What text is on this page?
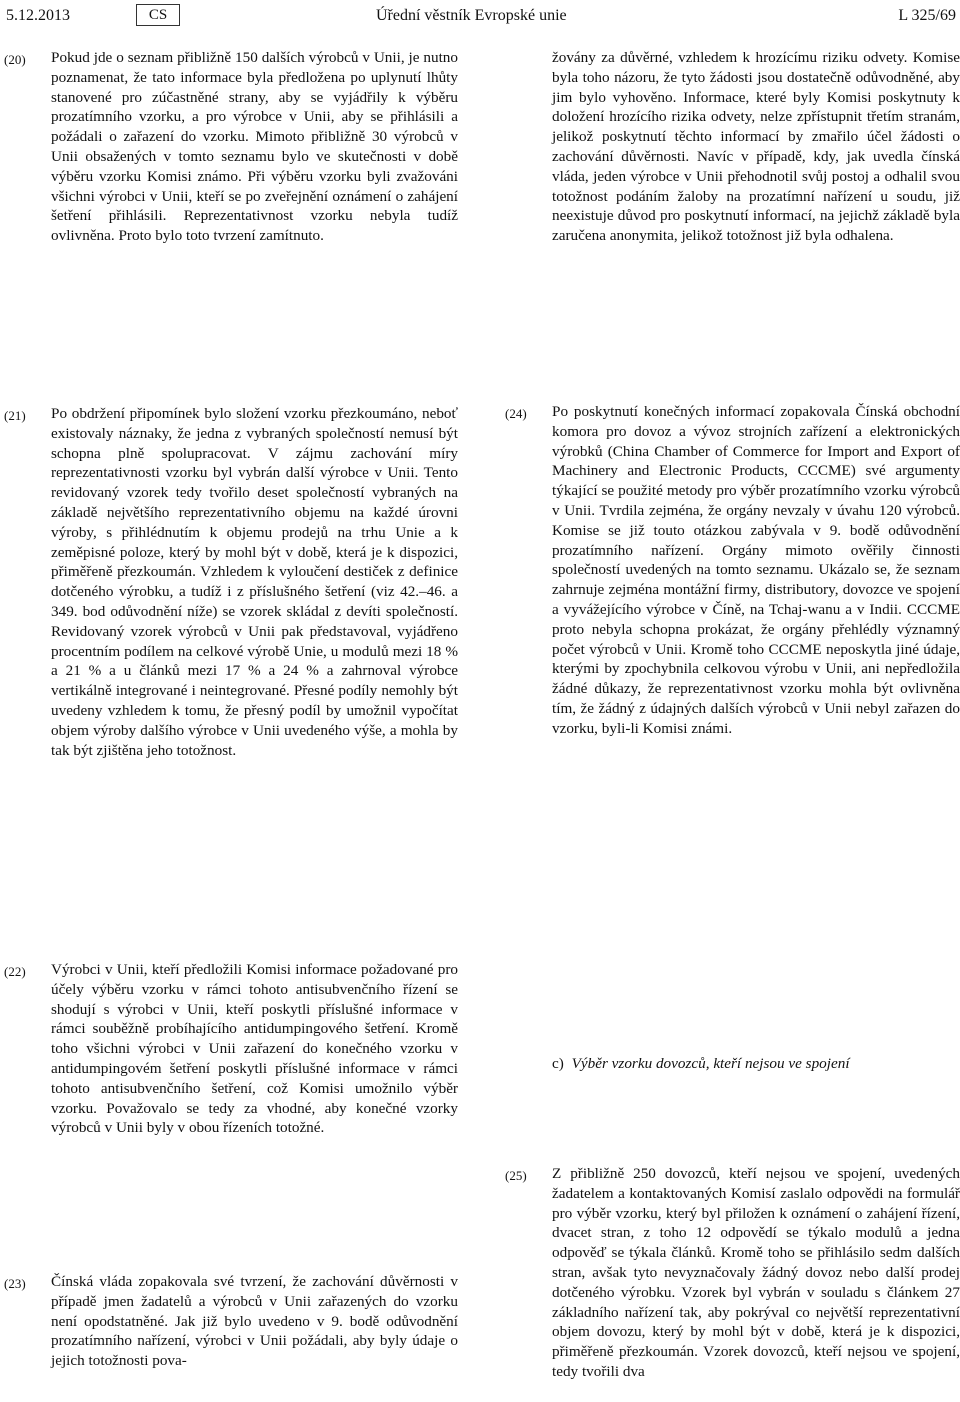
5.12.2013	CS	Úřední věstník Evropské unie	L 325/69
(20) Pokud jde o seznam přibližně 150 dalších výrobců v Unii, je nutno poznamenat, že tato informace byla předložena po uplynutí lhůty stanovené pro zúčastněné strany, aby se vyjádřily k výběru prozatímního vzorku, a pro výrobce v Unii, aby se přihlásili a požádali o zařazení do vzorku. Mimoto přibližně 30 výrobců v Unii obsažených v tomto seznamu bylo ve skutečnosti v době výběru vzorku Komisi známo. Při výběru vzorku byli zvažováni všichni výrobci v Unii, kteří se po zveřejnění oznámení o zahájení šetření přihlásili. Reprezentativnost vzorku nebyla tudíž ovlivněna. Proto bylo toto tvrzení zamítnuto.
žovány za důvěrné, vzhledem k hrozícímu riziku odvety. Komise byla toho názoru, že tyto žádosti jsou dostatečně odůvodněné, aby jim bylo vyhověno. Informace, které byly Komisi poskytnuty k doložení hrozícího rizika odvety, nelze zpřístupnit třetím stranám, jelikož poskytnutí těchto informací by zmařilo účel žádosti o zachování důvěrnosti. Navíc v případě, kdy, jak uvedla čínská vláda, jeden výrobce v Unii přehodnotil svůj postoj a odhalil svou totožnost podáním žaloby na prozatímní nařízení u soudu, již neexistuje důvod pro poskytnutí informací, na jejichž základě byla zaručena anonymita, jelikož totožnost již byla odhalena.
(21) Po obdržení připomínek bylo složení vzorku přezkoumáno, neboť existovaly náznaky, že jedna z vybraných společností nemusí být schopna plně spolupracovat. V zájmu zachování míry reprezentativnosti vzorku byl vybrán další výrobce v Unii. Tento revidovaný vzorek tedy tvořilo deset společností vybraných na základě největšího reprezentativního objemu na každé úrovni výroby, s přihlédnutím k objemu prodejů na trhu Unie a k zeměpisné poloze, který by mohl být v době, která je k dispozici, přiměřeně přezkoumán. Vzhledem k vyloučení destiček z definice dotčeného výrobku, a tudíž i z příslušného šetření (viz 42.–46. a 349. bod odůvodnění níže) se vzorek skládal z devíti společností. Revidovaný vzorek výrobců v Unii pak představoval, vyjádřeno procentním podílem na celkové výrobě Unie, u modulů mezi 18 % a 21 % a u článků mezi 17 % a 24 % a zahrnoval výrobce vertikálně integrované i neintegrované. Přesné podíly nemohly být uvedeny vzhledem k tomu, že přesný podíl by umožnil vypočítat objem výroby dalšího výrobce v Unii uvedeného výše, a mohla by tak být zjištěna jeho totožnost.
(24) Po poskytnutí konečných informací zopakovala Čínská obchodní komora pro dovoz a vývoz strojních zařízení a elektronických výrobků (China Chamber of Commerce for Import and Export of Machinery and Electronic Products, CCCME) své argumenty týkající se použité metody pro výběr prozatímního vzorku výrobců v Unii. Tvrdila zejména, že orgány nevzaly v úvahu 120 výrobců. Komise se již touto otázkou zabývala v 9. bodě odůvodnění prozatímního nařízení. Orgány mimoto ověřily činnosti společností uvedených na tomto seznamu. Ukázalo se, že seznam zahrnuje zejména montážní firmy, distributory, dovozce ve spojení a vyvážejícího výrobce v Číně, na Tchaj-wanu a v Indii. CCCME proto nebyla schopna prokázat, že orgány přehlédly významný počet výrobců v Unii. Kromě toho CCCME neposkytla jiné údaje, kterými by zpochybnila celkovou výrobu v Unii, ani nepředložila žádné důkazy, že reprezentativnost vzorku mohla být ovlivněna tím, že žádný z údajných dalších výrobců v Unii nebyl zařazen do vzorku, byli-li Komisi známi.
(22) Výrobci v Unii, kteří předložili Komisi informace požadované pro účely výběru vzorku v rámci tohoto antisubvenčního řízení se shodují s výrobci v Unii, kteří poskytli příslušné informace v rámci souběžně probíhajícího antidumpingového šetření. Kromě toho všichni výrobci v Unii zařazení do konečného vzorku v antidumpingovém šetření poskytli příslušné informace v rámci tohoto antisubvenčního šetření, což Komisi umožnilo výběr vzorku. Považovalo se tedy za vhodné, aby konečné vzorky výrobců v Unii byly v obou řízeních totožné.
c) Výběr vzorku dovozců, kteří nejsou ve spojení
(25) Z přibližně 250 dovozců, kteří nejsou ve spojení, uvedených žadatelem a kontaktovaných Komisí zaslalo odpovědi na formulář pro výběr vzorku, který byl přiložen k oznámení o zahájení řízení, dvacet stran, z toho 12 odpovědí se týkalo modulů a jedna odpověď se týkala článků. Kromě toho se přihlásilo sedm dalších stran, avšak tyto nevyznačovaly žádný dovoz nebo další prodej dotčeného výrobku. Vzorek byl vybrán v souladu s článkem 27 základního nařízení tak, aby pokrýval co největší reprezentativní objem dovozu, který by mohl být v době, která je k dispozici, přiměřeně přezkoumán. Vzorek dovozců, kteří nejsou ve spojení, tedy tvořili dva
(23) Čínská vláda zopakovala své tvrzení, že zachování důvěrnosti v případě jmen žadatelů a výrobců v Unii zařazených do vzorku není opodstatněné. Jak již bylo uvedeno v 9. bodě odůvodnění prozatímního nařízení, výrobci v Unii požádali, aby byly údaje o jejich totožnosti pova-
